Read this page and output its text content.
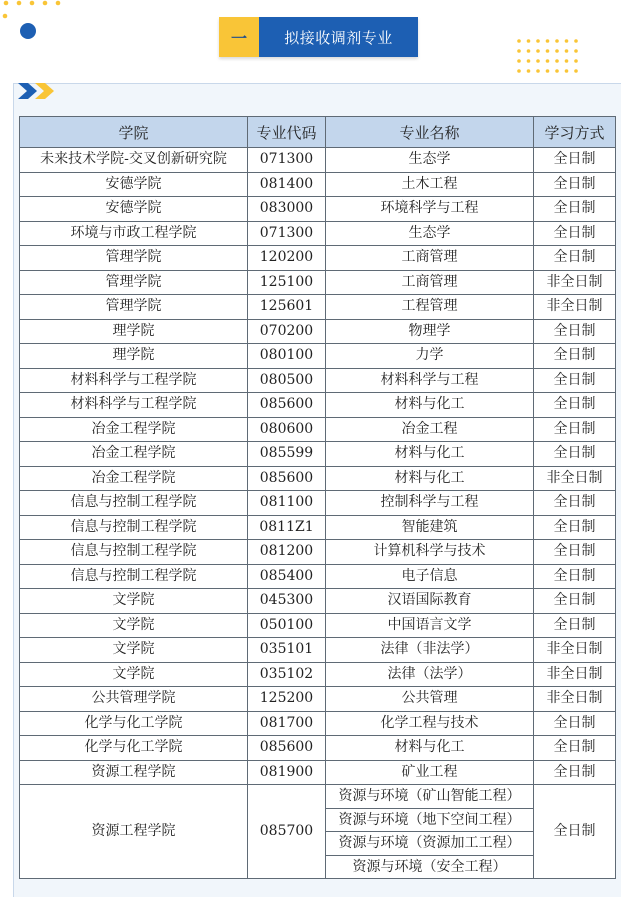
一	拟接收调剂专业
学院	专业代码	专业名称	学习方式
未来技术学院-交叉创新研究院	071300	生态学	全日制
安德学院	081400	土木工程	全日制
安德学院	083000	环境科学与工程	全日制
环境与市政工程学院	071300	生态学	全日制
管理学院	120200	工商管理	全日制
管理学院	125100	工商管理	非全日制
管理学院	125601	工程管理	非全日制
理学院	070200	物理学	全日制
理学院	080100	力学	全日制
材料科学与工程学院	080500	材料科学与工程	全日制
材料科学与工程学院	085600	材料与化工	全日制
冶金工程学院	080600	冶金工程	全日制
冶金工程学院	085599	材料与化工	全日制
冶金工程学院	085600	材料与化工	非全日制
信息与控制工程学院	081100	控制科学与工程	全日制
信息与控制工程学院	0811Z1	智能建筑	全日制
信息与控制工程学院	081200	计算机科学与技术	全日制
信息与控制工程学院	085400	电子信息	全日制
文学院	045300	汉语国际教育	全日制
文学院	050100	中国语言文学	全日制
文学院	035101	法律（非法学）	非全日制
文学院	035102	法律（法学）	非全日制
公共管理学院	125200	公共管理	非全日制
化学与化工学院	081700	化学工程与技术	全日制
化学与化工学院	085600	材料与化工	全日制
资源工程学院	081900	矿业工程	全日制
资源工程学院	085700	资源与环境（矿山智能工程）	全日制
		资源与环境（地下空间工程）	
		资源与环境（资源加工工程）	
		资源与环境（安全工程）	
